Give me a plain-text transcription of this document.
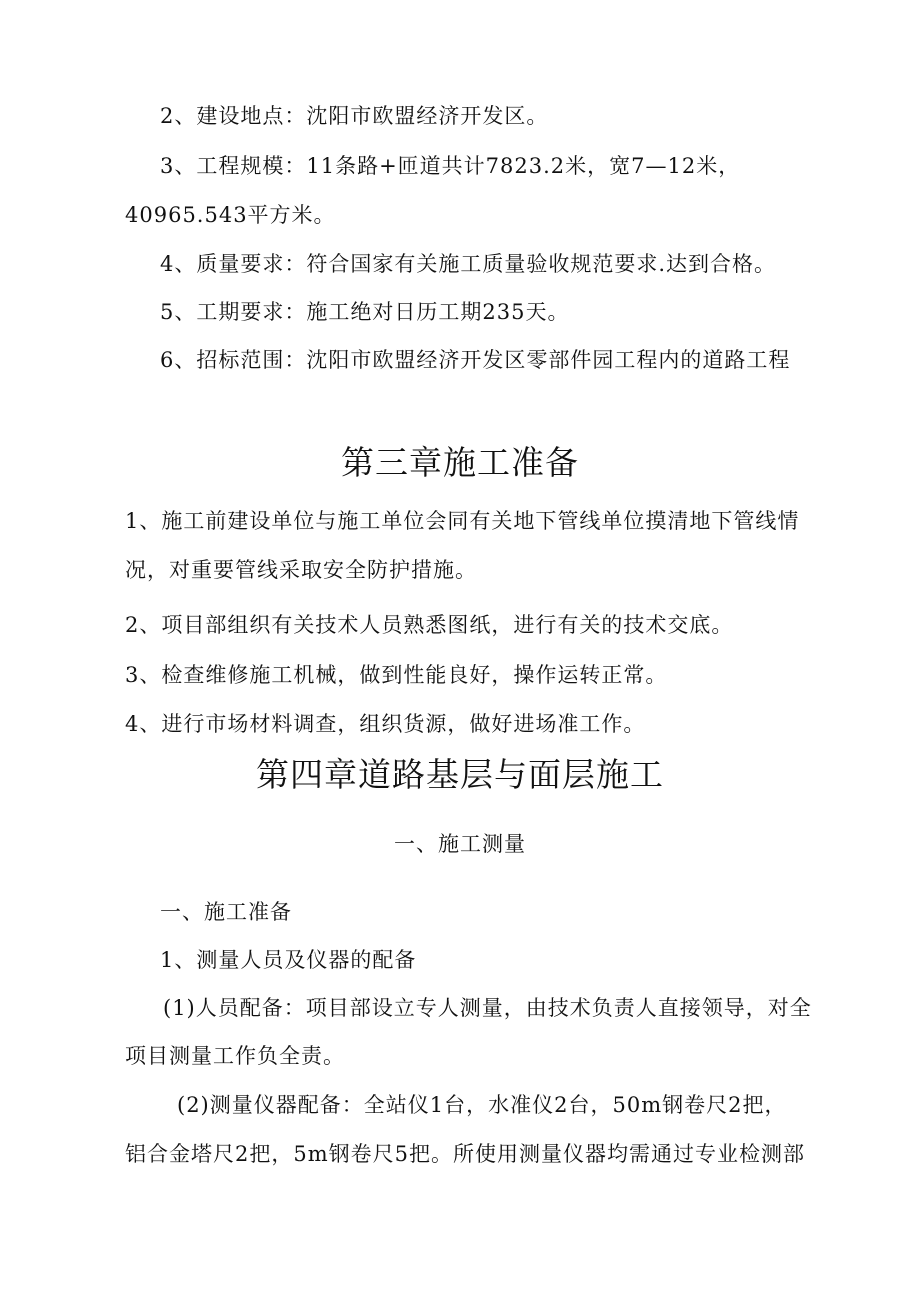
2、建设地点：沈阳市欧盟经济开发区。
3、工程规模：11条路+匝道共计7823.2米，宽7—12米，
40965.543平方米。
4、质量要求：符合国家有关施工质量验收规范要求.达到合格。
5、工期要求：施工绝对日历工期235天。
6、招标范围：沈阳市欧盟经济开发区零部件园工程内的道路工程
第三章施工准备
1、施工前建设单位与施工单位会同有关地下管线单位摸清地下管线情
况，对重要管线采取安全防护措施。
2、项目部组织有关技术人员熟悉图纸，进行有关的技术交底。
3、检查维修施工机械，做到性能良好，操作运转正常。
4、进行市场材料调查，组织货源，做好进场准工作。
第四章道路基层与面层施工
一、施工测量
一、施工准备
1、测量人员及仪器的配备
(1)人员配备：项目部设立专人测量，由技术负责人直接领导，对全
项目测量工作负全责。
(2)测量仪器配备：全站仪1台，水准仪2台，50m钢卷尺2把，
铝合金塔尺2把，5m钢卷尺5把。所使用测量仪器均需通过专业检测部
